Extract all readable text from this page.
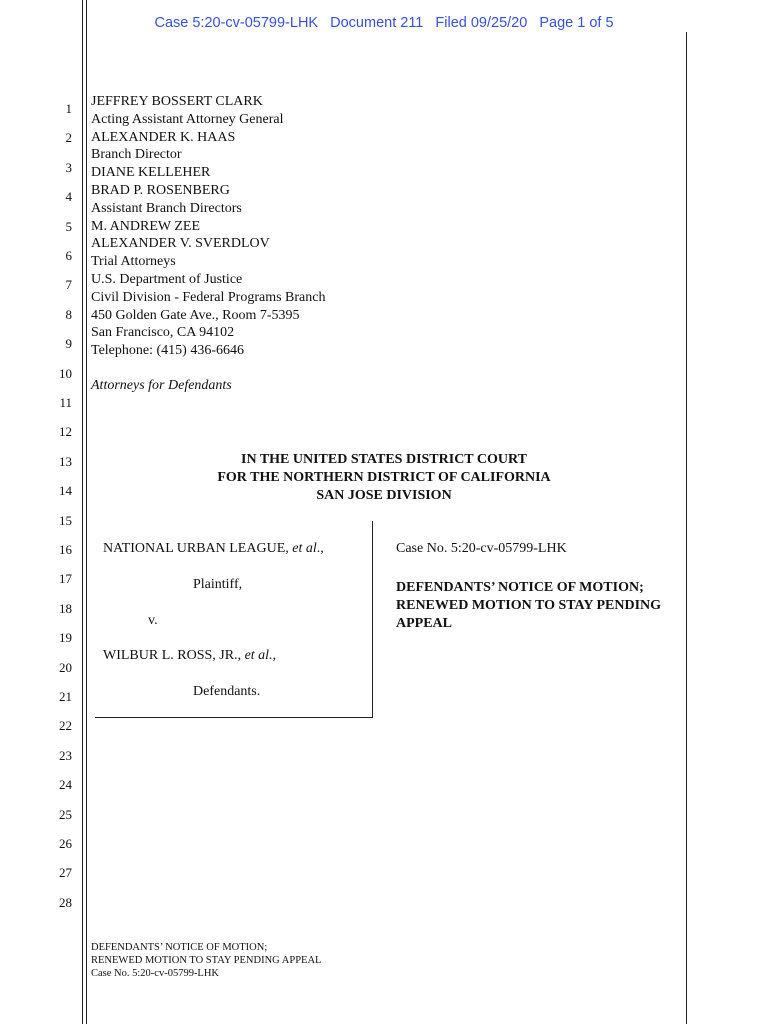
Case 5:20-cv-05799-LHK Document 211 Filed 09/25/20 Page 1 of 5
1
2
3
4
5
6
7
8
9
10
11
12
13
14
15
16
17
18
19
20
21
22
23
24
25
26
27
28
JEFFREY BOSSERT CLARK
Acting Assistant Attorney General
ALEXANDER K. HAAS
Branch Director
DIANE KELLEHER
BRAD P. ROSENBERG
Assistant Branch Directors
M. ANDREW ZEE
ALEXANDER V. SVERDLOV
Trial Attorneys
U.S. Department of Justice
Civil Division - Federal Programs Branch
450 Golden Gate Ave., Room 7-5395
San Francisco, CA 94102
Telephone: (415) 436-6646
Attorneys for Defendants
IN THE UNITED STATES DISTRICT COURT
FOR THE NORTHERN DISTRICT OF CALIFORNIA
SAN JOSE DIVISION
NATIONAL URBAN LEAGUE, et al.,
Plaintiff,
v.
WILBUR L. ROSS, JR., et al.,
Defendants.
Case No. 5:20-cv-05799-LHK
DEFENDANTS’ NOTICE OF MOTION;
RENEWED MOTION TO STAY PENDING
APPEAL
DEFENDANTS’ NOTICE OF MOTION;
RENEWED MOTION TO STAY PENDING APPEAL
Case No. 5:20-cv-05799-LHK
